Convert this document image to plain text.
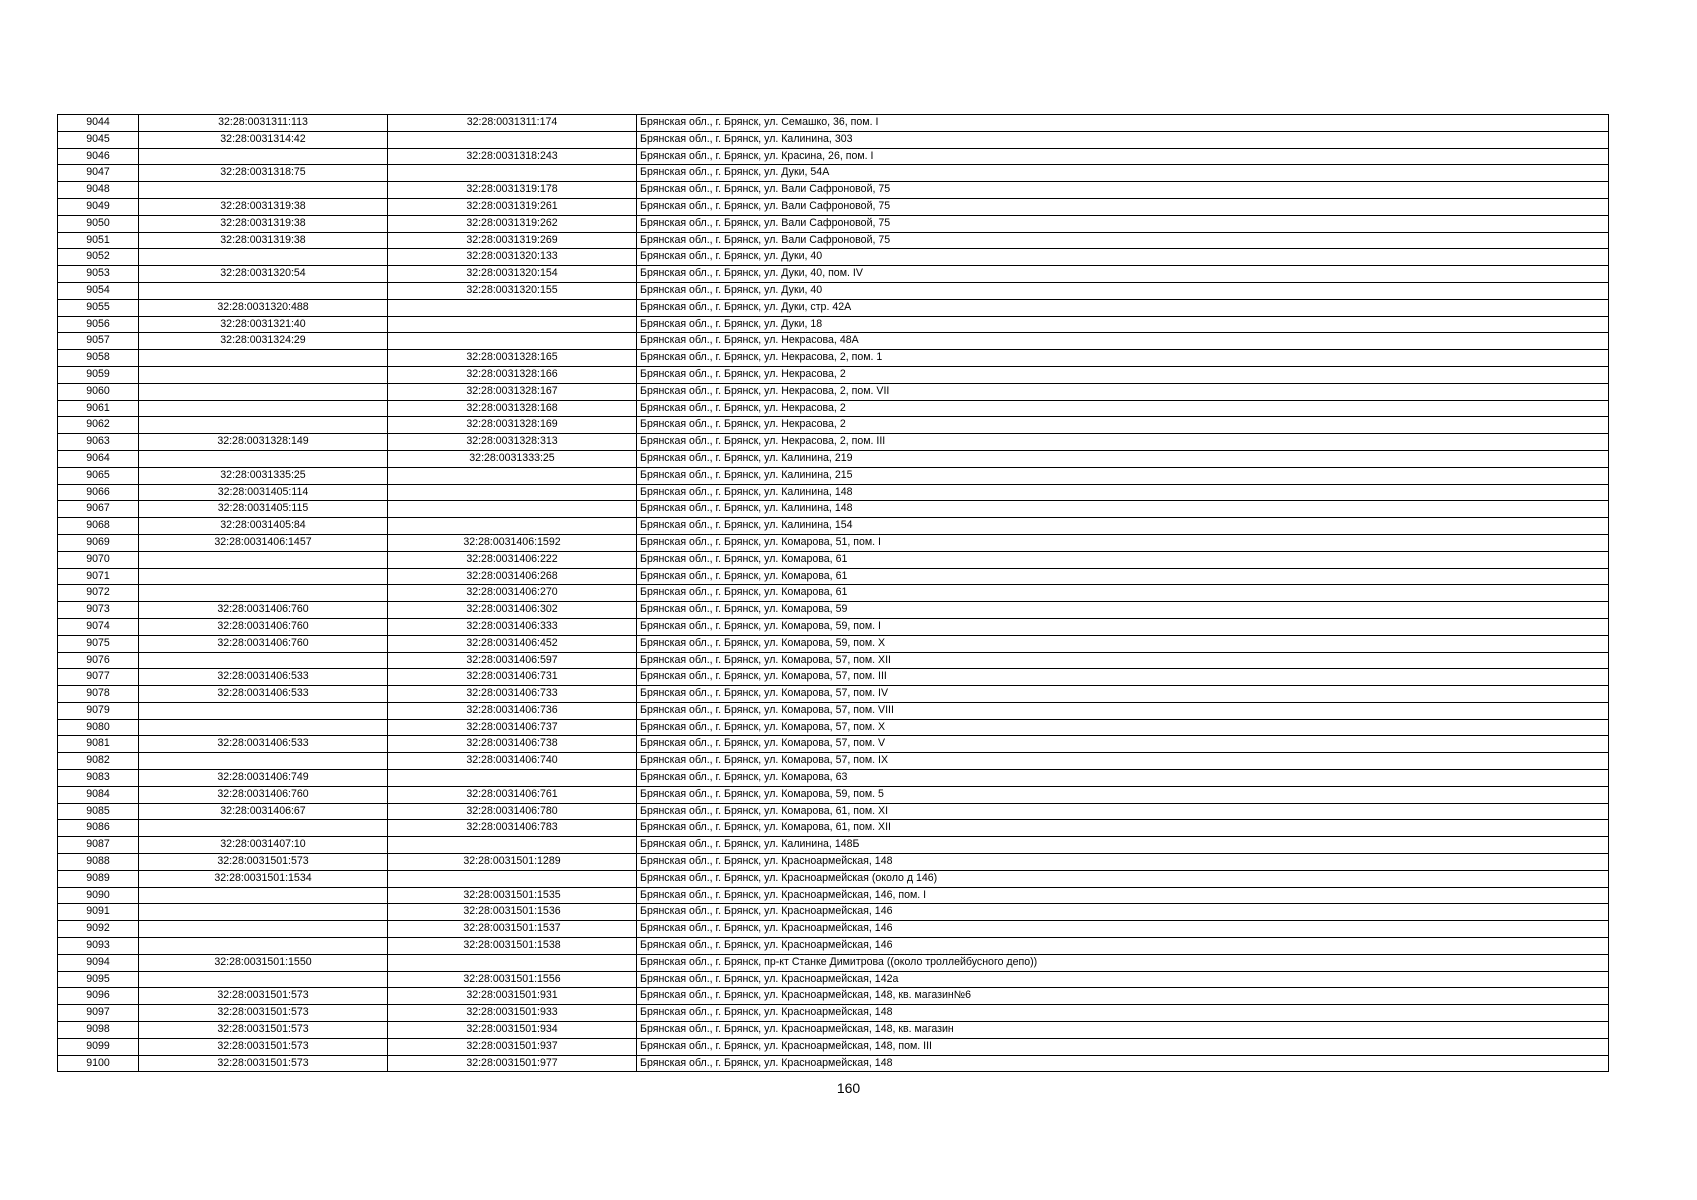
9044	32:28:0031311:113	32:28:0031311:174	Брянская обл., г. Брянск, ул. Семашко, 36, пом. I
9045	32:28:0031314:42		Брянская обл., г. Брянск, ул. Калинина, 303
9046		32:28:0031318:243	Брянская обл., г. Брянск, ул. Красина, 26, пом. I
9047	32:28:0031318:75		Брянская обл., г. Брянск, ул. Дуки, 54А
9048		32:28:0031319:178	Брянская обл., г. Брянск, ул. Вали Сафроновой, 75
9049	32:28:0031319:38	32:28:0031319:261	Брянская обл., г. Брянск, ул. Вали Сафроновой, 75
9050	32:28:0031319:38	32:28:0031319:262	Брянская обл., г. Брянск, ул. Вали Сафроновой, 75
9051	32:28:0031319:38	32:28:0031319:269	Брянская обл., г. Брянск, ул. Вали Сафроновой, 75
9052		32:28:0031320:133	Брянская обл., г. Брянск, ул. Дуки, 40
9053	32:28:0031320:54	32:28:0031320:154	Брянская обл., г. Брянск, ул. Дуки, 40, пом. IV
9054		32:28:0031320:155	Брянская обл., г. Брянск, ул. Дуки, 40
9055	32:28:0031320:488		Брянская обл., г. Брянск, ул. Дуки, стр. 42А
9056	32:28:0031321:40		Брянская обл., г. Брянск, ул. Дуки, 18
9057	32:28:0031324:29		Брянская обл., г. Брянск, ул. Некрасова, 48А
9058		32:28:0031328:165	Брянская обл., г. Брянск, ул. Некрасова, 2, пом. 1
9059		32:28:0031328:166	Брянская обл., г. Брянск, ул. Некрасова, 2
9060		32:28:0031328:167	Брянская обл., г. Брянск, ул. Некрасова, 2, пом. VII
9061		32:28:0031328:168	Брянская обл., г. Брянск, ул. Некрасова, 2
9062		32:28:0031328:169	Брянская обл., г. Брянск, ул. Некрасова, 2
9063	32:28:0031328:149	32:28:0031328:313	Брянская обл., г. Брянск, ул. Некрасова, 2, пом. III
9064		32:28:0031333:25	Брянская обл., г. Брянск, ул. Калинина, 219
9065	32:28:0031335:25		Брянская обл., г. Брянск, ул. Калинина, 215
9066	32:28:0031405:114		Брянская обл., г. Брянск, ул. Калинина, 148
9067	32:28:0031405:115		Брянская обл., г. Брянск, ул. Калинина, 148
9068	32:28:0031405:84		Брянская обл., г. Брянск, ул. Калинина, 154
9069	32:28:0031406:1457	32:28:0031406:1592	Брянская обл., г. Брянск, ул. Комарова, 51, пом. I
9070		32:28:0031406:222	Брянская обл., г. Брянск, ул. Комарова, 61
9071		32:28:0031406:268	Брянская обл., г. Брянск, ул. Комарова, 61
9072		32:28:0031406:270	Брянская обл., г. Брянск, ул. Комарова, 61
9073	32:28:0031406:760	32:28:0031406:302	Брянская обл., г. Брянск, ул. Комарова, 59
9074	32:28:0031406:760	32:28:0031406:333	Брянская обл., г. Брянск, ул. Комарова, 59, пом. I
9075	32:28:0031406:760	32:28:0031406:452	Брянская обл., г. Брянск, ул. Комарова, 59, пом. X
9076		32:28:0031406:597	Брянская обл., г. Брянск, ул. Комарова, 57, пом. XII
9077	32:28:0031406:533	32:28:0031406:731	Брянская обл., г. Брянск, ул. Комарова, 57, пом. III
9078	32:28:0031406:533	32:28:0031406:733	Брянская обл., г. Брянск, ул. Комарова, 57, пом. IV
9079		32:28:0031406:736	Брянская обл., г. Брянск, ул. Комарова, 57, пом. VIII
9080		32:28:0031406:737	Брянская обл., г. Брянск, ул. Комарова, 57, пом. X
9081	32:28:0031406:533	32:28:0031406:738	Брянская обл., г. Брянск, ул. Комарова, 57, пом. V
9082		32:28:0031406:740	Брянская обл., г. Брянск, ул. Комарова, 57, пом. IX
9083	32:28:0031406:749		Брянская обл., г. Брянск, ул. Комарова, 63
9084	32:28:0031406:760	32:28:0031406:761	Брянская обл., г. Брянск, ул. Комарова, 59, пом. 5
9085	32:28:0031406:67	32:28:0031406:780	Брянская обл., г. Брянск, ул. Комарова, 61, пом. XI
9086		32:28:0031406:783	Брянская обл., г. Брянск, ул. Комарова, 61, пом. XII
9087	32:28:0031407:10		Брянская обл., г. Брянск, ул. Калинина, 148Б
9088	32:28:0031501:573	32:28:0031501:1289	Брянская обл., г. Брянск, ул. Красноармейская, 148
9089	32:28:0031501:1534		Брянская обл., г. Брянск, ул. Красноармейская (около д 146)
9090		32:28:0031501:1535	Брянская обл., г. Брянск, ул. Красноармейская, 146, пом. I
9091		32:28:0031501:1536	Брянская обл., г. Брянск, ул. Красноармейская, 146
9092		32:28:0031501:1537	Брянская обл., г. Брянск, ул. Красноармейская, 146
9093		32:28:0031501:1538	Брянская обл., г. Брянск, ул. Красноармейская, 146
9094	32:28:0031501:1550		Брянская обл., г. Брянск, пр-кт Станке Димитрова ((около троллейбусного депо))
9095		32:28:0031501:1556	Брянская обл., г. Брянск, ул. Красноармейская, 142а
9096	32:28:0031501:573	32:28:0031501:931	Брянская обл., г. Брянск, ул. Красноармейская, 148, кв. магазин№6
9097	32:28:0031501:573	32:28:0031501:933	Брянская обл., г. Брянск, ул. Красноармейская, 148
9098	32:28:0031501:573	32:28:0031501:934	Брянская обл., г. Брянск, ул. Красноармейская, 148, кв. магазин
9099	32:28:0031501:573	32:28:0031501:937	Брянская обл., г. Брянск, ул. Красноармейская, 148, пом. III
9100	32:28:0031501:573	32:28:0031501:977	Брянская обл., г. Брянск, ул. Красноармейская, 148
160
